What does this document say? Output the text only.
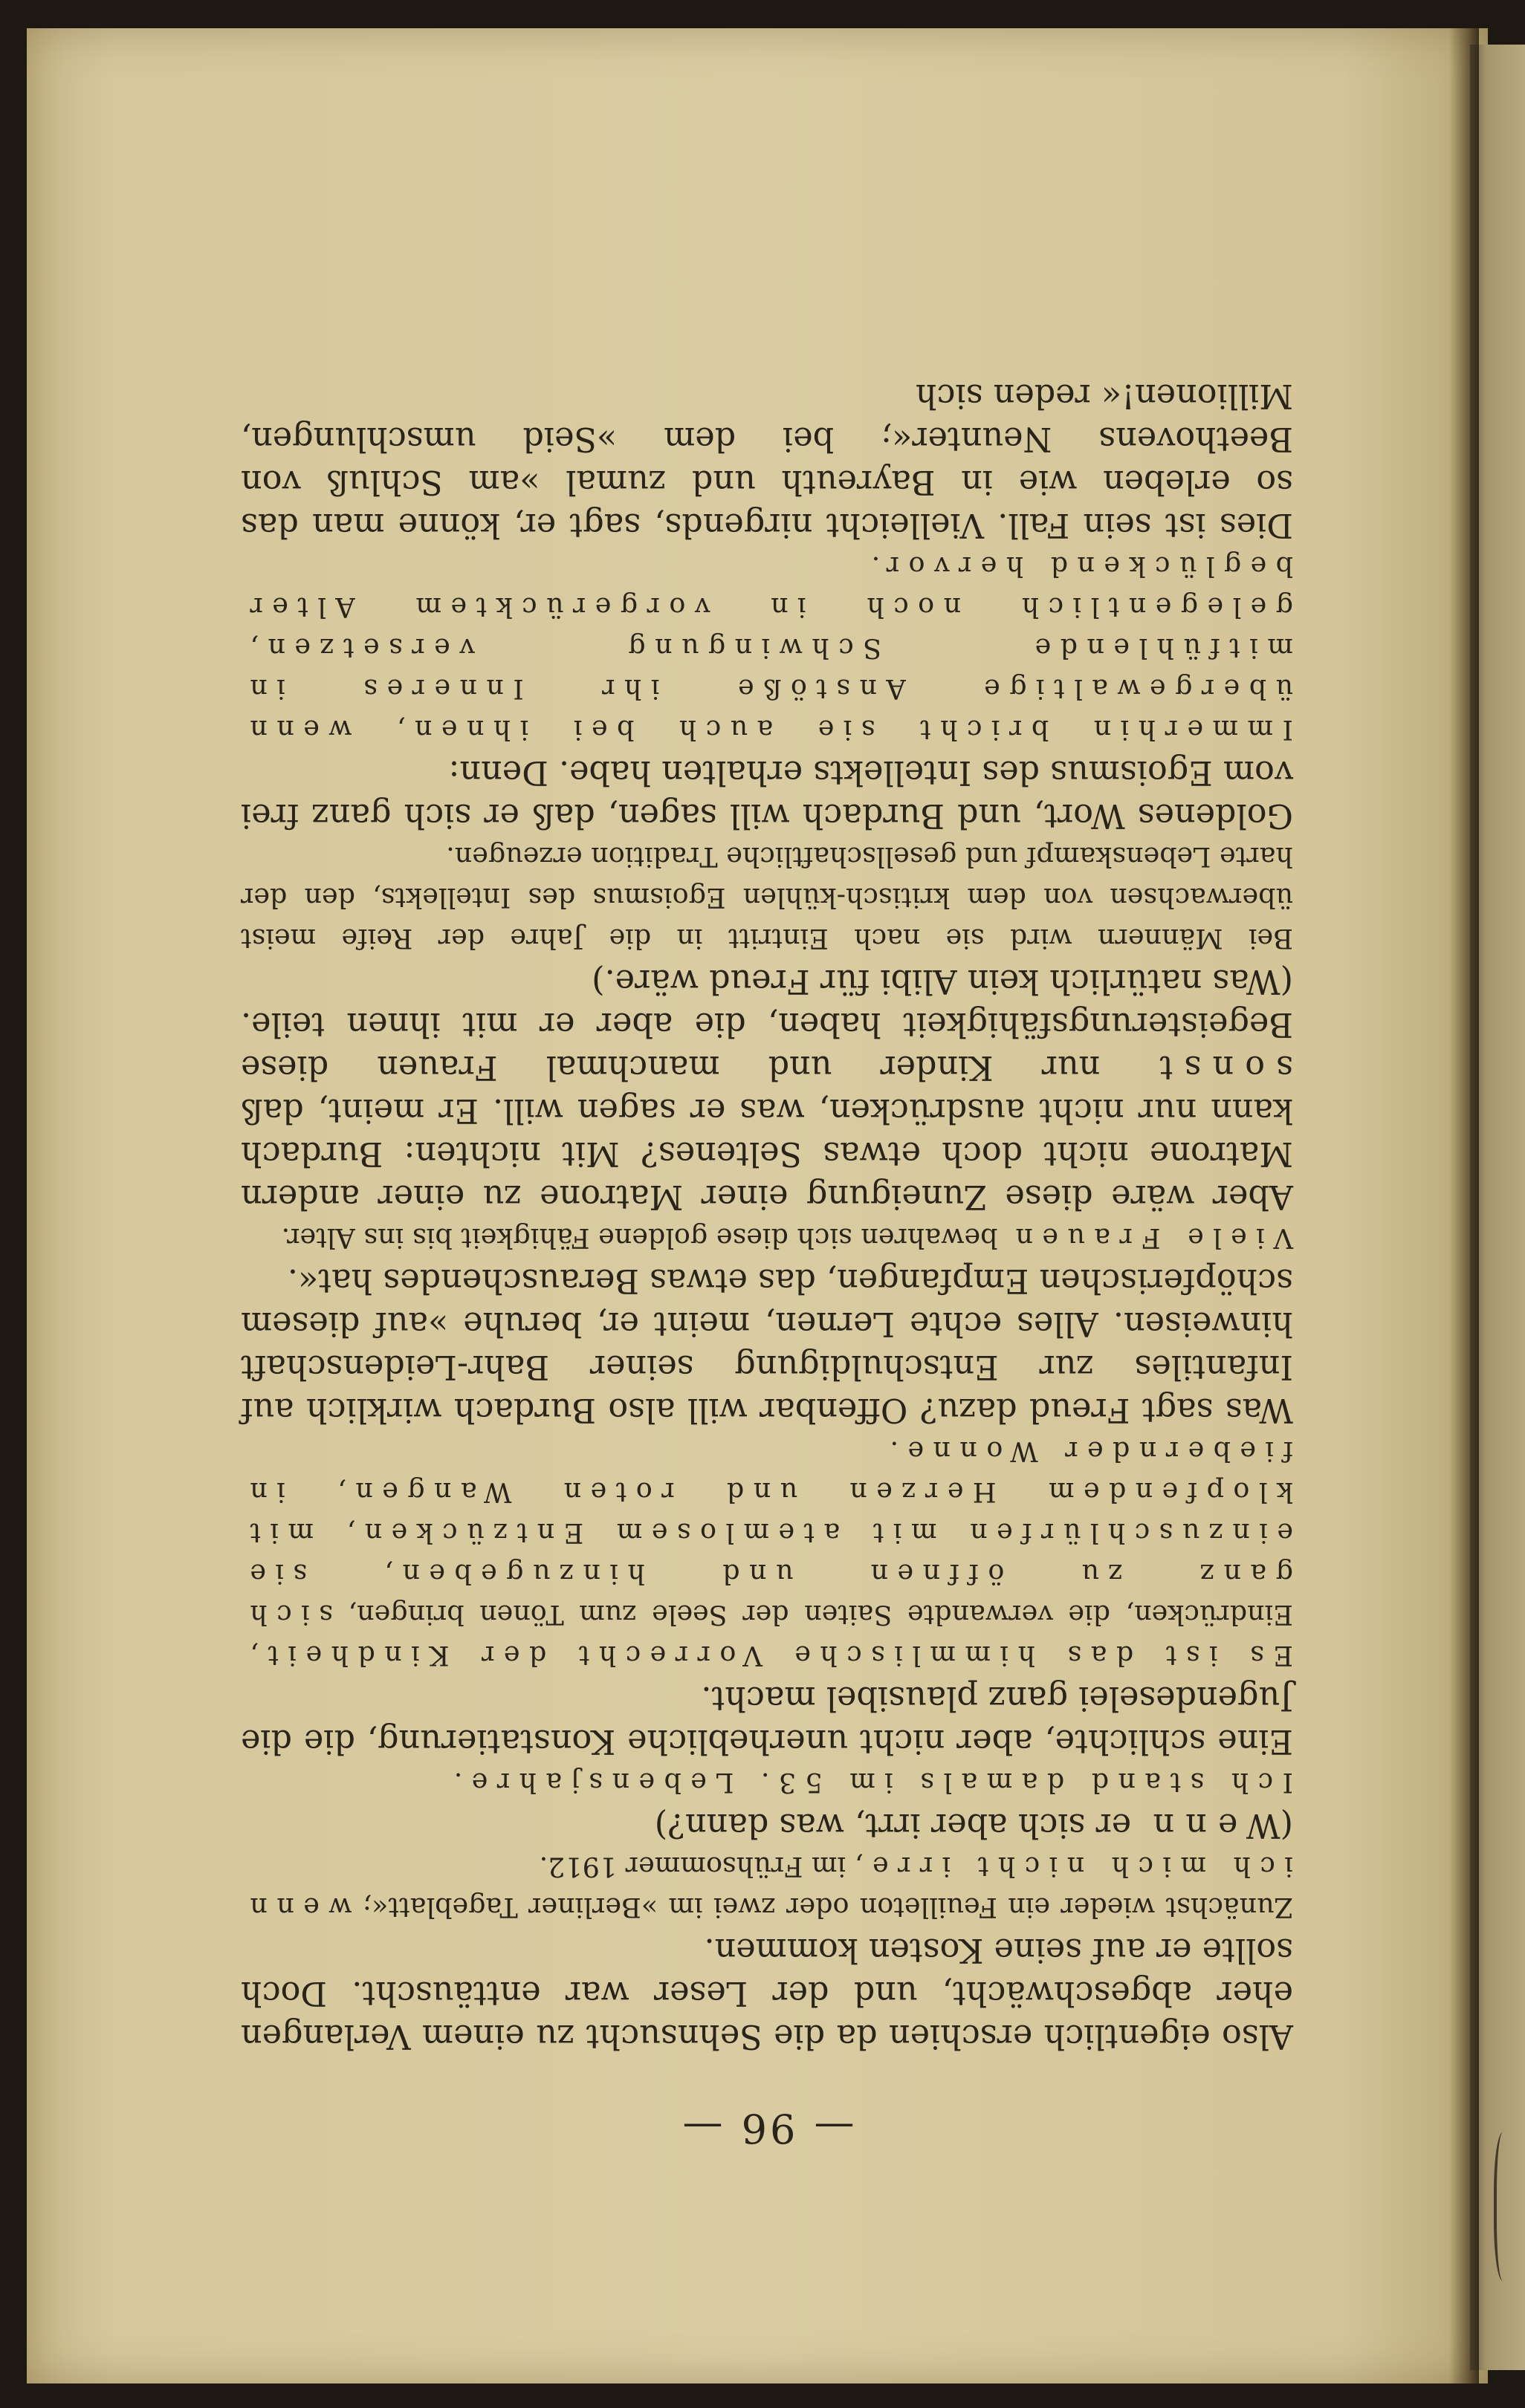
— 96 —

Also eigentlich erschien da die Sehnsucht zu einem Verlangen eher abgeschwächt, und der Leser war enttäuscht. Doch sollte er auf seine Kosten kommen.

Zunächst wieder ein Feuilleton oder zwei im »Berliner Tageblatt«; wenn ich mich nicht irre, im Frühsommer 1912.

(Wenn er sich aber irrt, was dann?)

Ich stand damals im 53. Lebensjahre.

Eine schlichte, aber nicht unerhebliche Konstatierung, die die Jugendeselei ganz plausibel macht.

Es ist das himmlische Vorrecht der Kindheit, Eindrücken, die verwandte Saiten der Seele zum Tönen bringen, sich ganz zu öffnen und hinzugeben, sie einzuschlürfen mit atemlosem Entzücken, mit klopfendem Herzen und roten Wangen, in fiebernder Wonne.

Was sagt Freud dazu? Offenbar will also Burdach wirklich auf Infantiles zur Entschuldigung seiner Bahr-Leidenschaft hinweisen. Alles echte Lernen, meint er, beruhe »auf diesem schöpferischen Empfangen, das etwas Berauschendes hat«.

Viele Frauen bewahren sich diese goldene Fähigkeit bis ins Alter.

Aber wäre diese Zuneigung einer Matrone zu einer andern Matrone nicht doch etwas Seltenes? Mit nichten: Burdach kann nur nicht ausdrücken, was er sagen will. Er meint, daß sonst nur Kinder und manchmal Frauen diese Begeisterungsfähigkeit haben, die aber er mit ihnen teile. (Was natürlich kein Alibi für Freud wäre.)

Bei Männern wird sie nach Eintritt in die Jahre der Reife meist überwachsen von dem kritisch-kühlen Egoismus des Intellekts, den der harte Lebenskampf und gesellschaftliche Tradition erzeugen.

Goldenes Wort, und Burdach will sagen, daß er sich ganz frei vom Egoismus des Intellekts erhalten habe. Denn:

Immerhin bricht sie auch bei ihnen, wenn übergewaltige Anstöße ihr Inneres in mitfühlende Schwingung versetzen, gelegentlich noch in vorgerücktem Alter beglückend hervor.

Dies ist sein Fall. Vielleicht nirgends, sagt er, könne man das so erleben wie in Bayreuth und zumal »am Schluß von Beethovens Neunter«; bei dem »Seid umschlungen, Millionen!« reden sich
